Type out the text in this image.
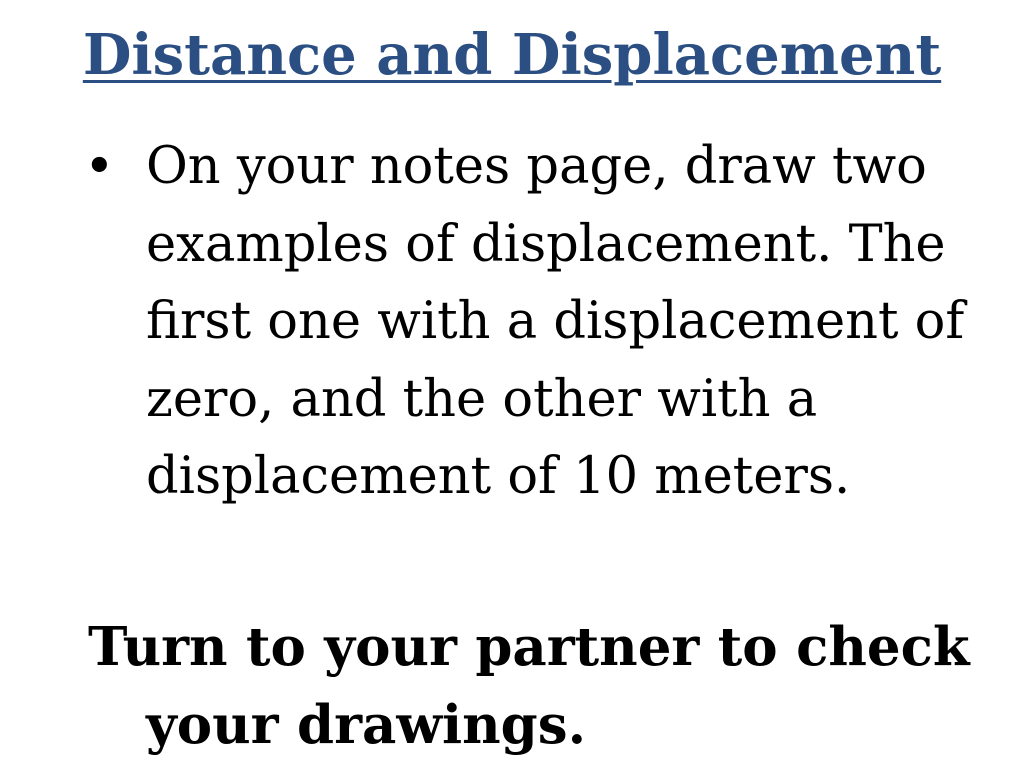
Distance and Displacement
• On your notes page, draw two
examples of displacement. The
first one with a displacement of
zero, and the other with a
displacement of 10 meters.

Turn to your partner to check

your drawings.
